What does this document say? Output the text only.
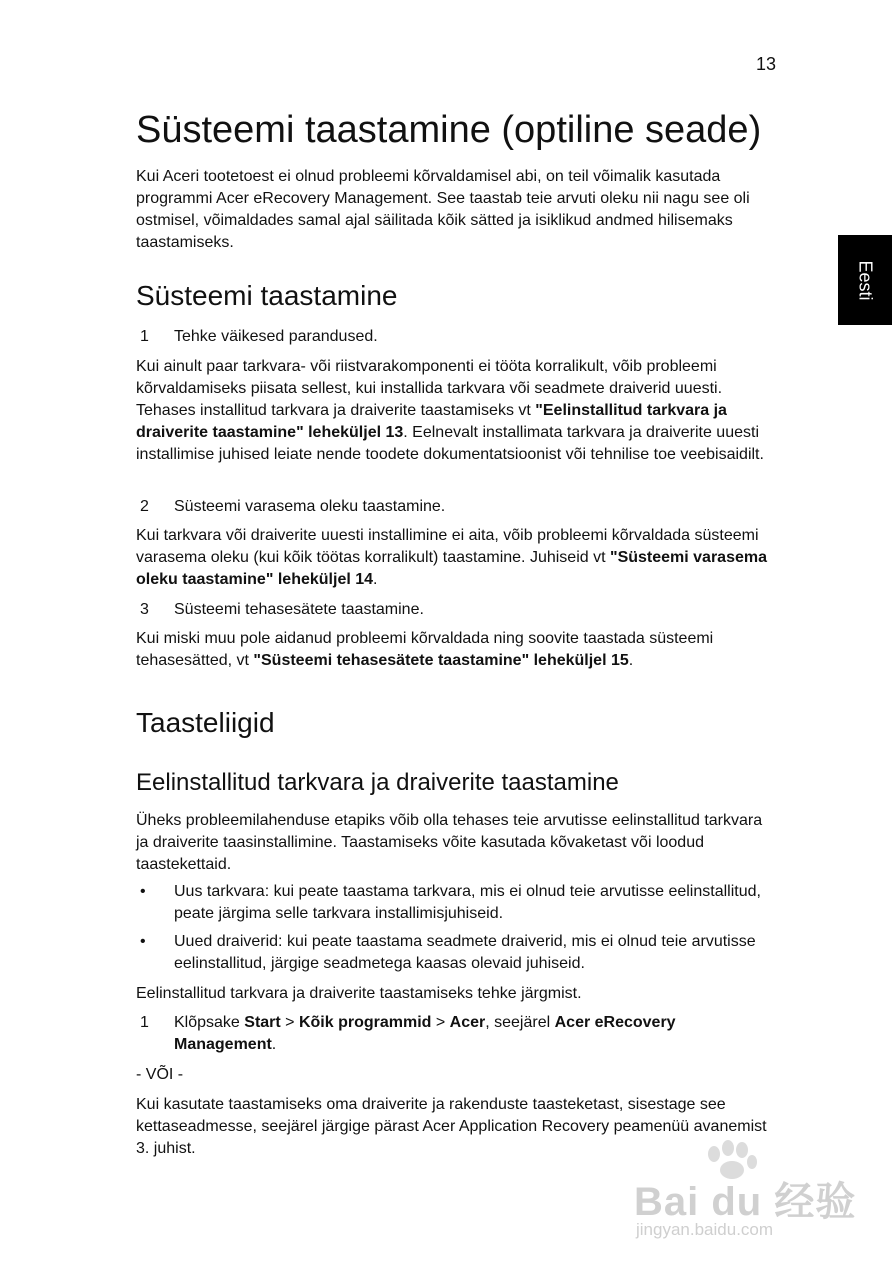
13
Eesti
Süsteemi taastamine (optiline seade)

Kui Aceri tootetoest ei olnud probleemi kõrvaldamisel abi, on teil võimalik kasutada programmi Acer eRecovery Management. See taastab teie arvuti oleku nii nagu see oli ostmisel, võimaldades samal ajal säilitada kõik sätted ja isiklikud andmed hilisemaks taastamiseks.

Süsteemi taastamine
1 Tehke väikesed parandused.

Kui ainult paar tarkvara- või riistvarakomponenti ei tööta korralikult, võib probleemi kõrvaldamiseks piisata sellest, kui installida tarkvara või seadmete draiverid uuesti. Tehases installitud tarkvara ja draiverite taastamiseks vt "Eelinstallitud tarkvara ja draiverite taastamine" leheküljel 13. Eelnevalt installimata tarkvara ja draiverite uuesti installimise juhised leiate nende toodete dokumentatsioonist või tehnilise toe veebisaidilt.

2 Süsteemi varasema oleku taastamine.

Kui tarkvara või draiverite uuesti installimine ei aita, võib probleemi kõrvaldada süsteemi varasema oleku (kui kõik töötas korralikult) taastamine. Juhiseid vt "Süsteemi varasema oleku taastamine" leheküljel 14.

3 Süsteemi tehasesätete taastamine.

Kui miski muu pole aidanud probleemi kõrvaldada ning soovite taastada süsteemi tehasesätted, vt "Süsteemi tehasesätete taastamine" leheküljel 15.

Taasteliigid
Eelinstallitud tarkvara ja draiverite taastamine

Üheks probleemilahenduse etapiks võib olla tehases teie arvutisse eelinstallitud tarkvara ja draiverite taasinstallimine. Taastamiseks võite kasutada kõvaketast või loodud taastekettaid.

• Uus tarkvara: kui peate taastama tarkvara, mis ei olnud teie arvutisse eelinstallitud, peate järgima selle tarkvara installimisjuhiseid.
• Uued draiverid: kui peate taastama seadmete draiverid, mis ei olnud teie arvutisse eelinstallitud, järgige seadmetega kaasas olevaid juhiseid.

Eelinstallitud tarkvara ja draiverite taastamiseks tehke järgmist.

1 Klõpsake Start > Kõik programmid > Acer, seejärel Acer eRecovery Management.

- VÕI -

Kui kasutate taastamiseks oma draiverite ja rakenduste taasteketast, sisestage see kettaseadmesse, seejärel järgige pärast Acer Application Recovery peamenüü avanemist 3. juhist.

Bai du 经验
jingyan.baidu.com
